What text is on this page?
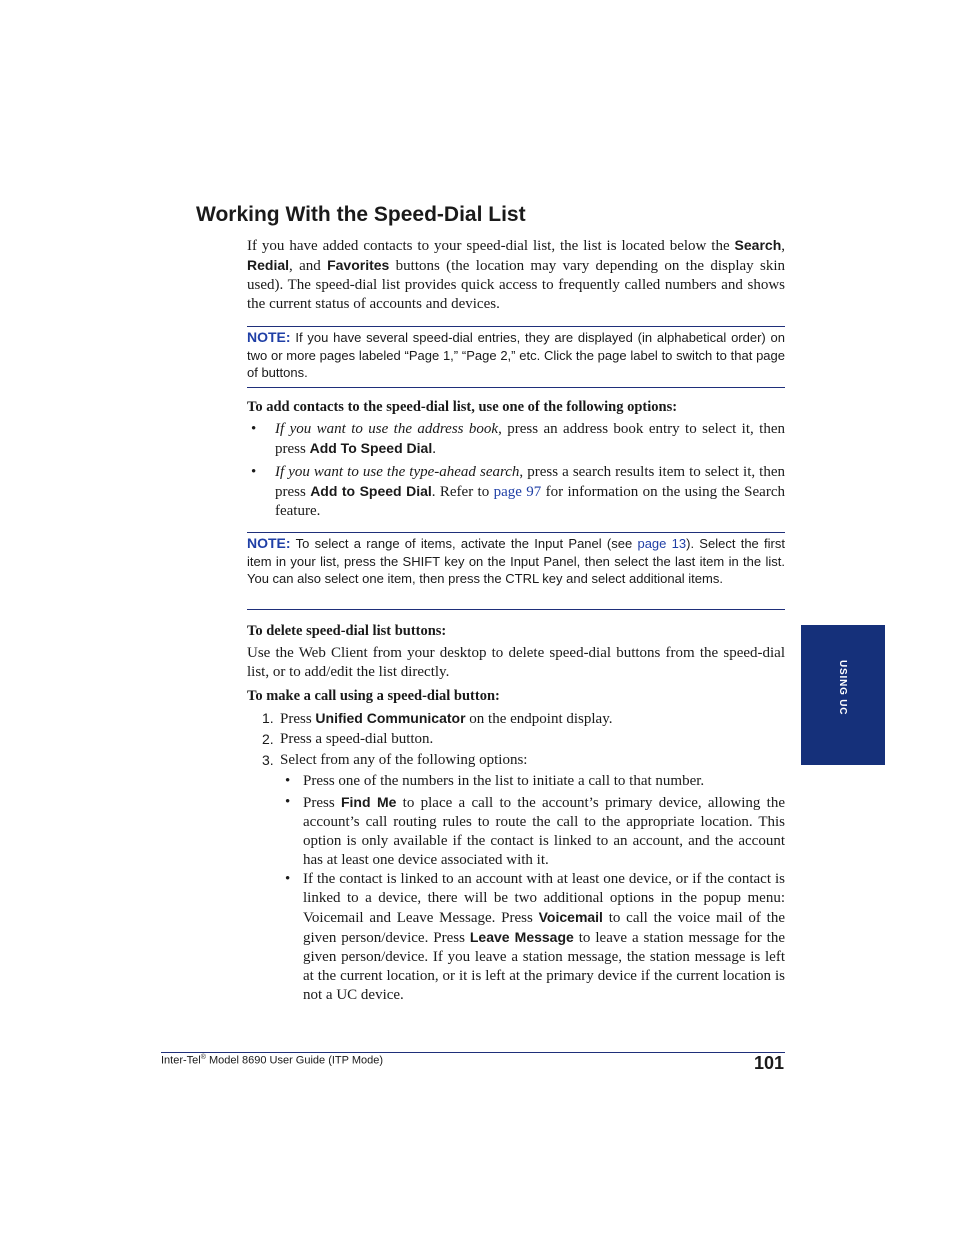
Working With the Speed-Dial List

If you have added contacts to your speed-dial list, the list is located below the Search, Redial, and Favorites buttons (the location may vary depending on the display skin used). The speed-dial list provides quick access to frequently called numbers and shows the current status of accounts and devices.

NOTE: If you have several speed-dial entries, they are displayed (in alphabetical order) on two or more pages labeled “Page 1,” “Page 2,” etc. Click the page label to switch to that page of buttons.

To add contacts to the speed-dial list, use one of the following options:

• If you want to use the address book, press an address book entry to select it, then press Add To Speed Dial.
• If you want to use the type-ahead search, press a search results item to select it, then press Add to Speed Dial. Refer to page 97 for information on the using the Search feature.
NOTE: To select a range of items, activate the Input Panel (see page 13). Select the first item in your list, press the SHIFT key on the Input Panel, then select the last item in the list. You can also select one item, then press the CTRL key and select additional items.

To delete speed-dial list buttons:

Use the Web Client from your desktop to delete speed-dial buttons from the speed-dial list, or to add/edit the list directly.

To make a call using a speed-dial button:

1. Press Unified Communicator on the endpoint display.
2. Press a speed-dial button.
3. Select from any of the following options:
• Press one of the numbers in the list to initiate a call to that number.
• Press Find Me to place a call to the account’s primary device, allowing the account’s call routing rules to route the call to the appropriate location. This option is only available if the contact is linked to an account, and the account has at least one device associated with it.
• If the contact is linked to an account with at least one device, or if the contact is linked to a device, there will be two additional options in the popup menu: Voicemail and Leave Message. Press Voicemail to call the voice mail of the given person/device. Press Leave Message to leave a station message for the given person/device. If you leave a station message, the station message is left at the current location, or it is left at the primary device if the current location is not a UC device.
USING UC
Inter-Tel® Model 8690 User Guide (ITP Mode)	101
